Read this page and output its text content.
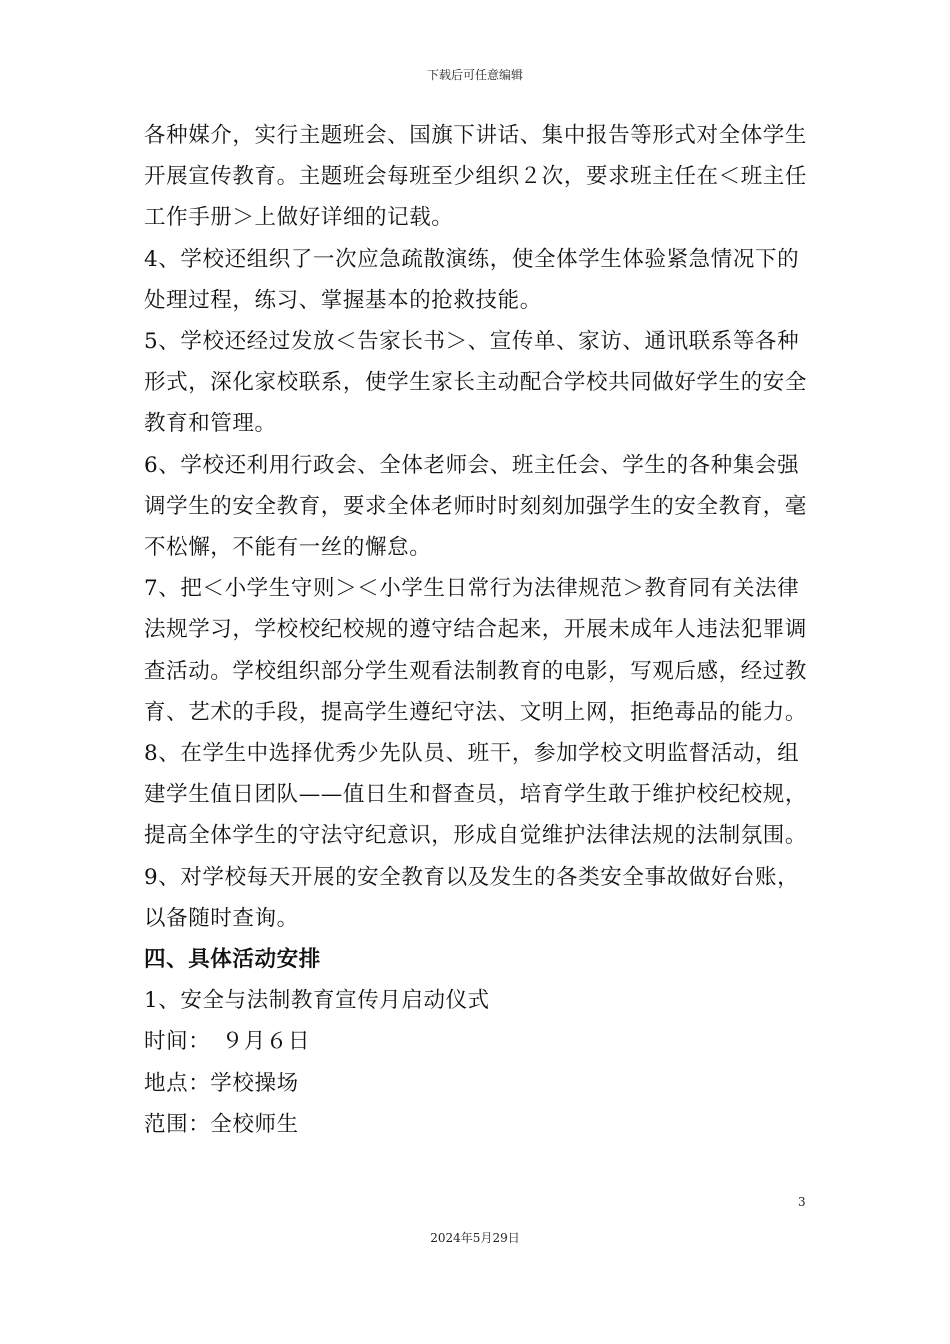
下载后可任意编辑

各种媒介，实行主题班会、国旗下讲话、集中报告等形式对全体学生开展宣传教育。主题班会每班至少组织２次，要求班主任在＜班主任工作手册＞上做好详细的记载。

4、学校还组织了一次应急疏散演练，使全体学生体验紧急情况下的处理过程，练习、掌握基本的抢救技能。

5、学校还经过发放＜告家长书＞、宣传单、家访、通讯联系等各种形式，深化家校联系，使学生家长主动配合学校共同做好学生的安全教育和管理。

6、学校还利用行政会、全体老师会、班主任会、学生的各种集会强调学生的安全教育，要求全体老师时时刻刻加强学生的安全教育，毫不松懈，不能有一丝的懈怠。

7、把＜小学生守则＞＜小学生日常行为法律规范＞教育同有关法律法规学习，学校校纪校规的遵守结合起来，开展未成年人违法犯罪调查活动。学校组织部分学生观看法制教育的电影，写观后感，经过教育、艺术的手段，提高学生遵纪守法、文明上网，拒绝毒品的能力。

8、在学生中选择优秀少先队员、班干，参加学校文明监督活动，组建学生值日团队——值日生和督查员，培育学生敢于维护校纪校规，提高全体学生的守法守纪意识，形成自觉维护法律法规的法制氛围。

9、对学校每天开展的安全教育以及发生的各类安全事故做好台账，以备随时查询。

四、具体活动安排

1、安全与法制教育宣传月启动仪式

时间：　９月６日

地点：学校操场

范围：全校师生

3
2024年5月29日
